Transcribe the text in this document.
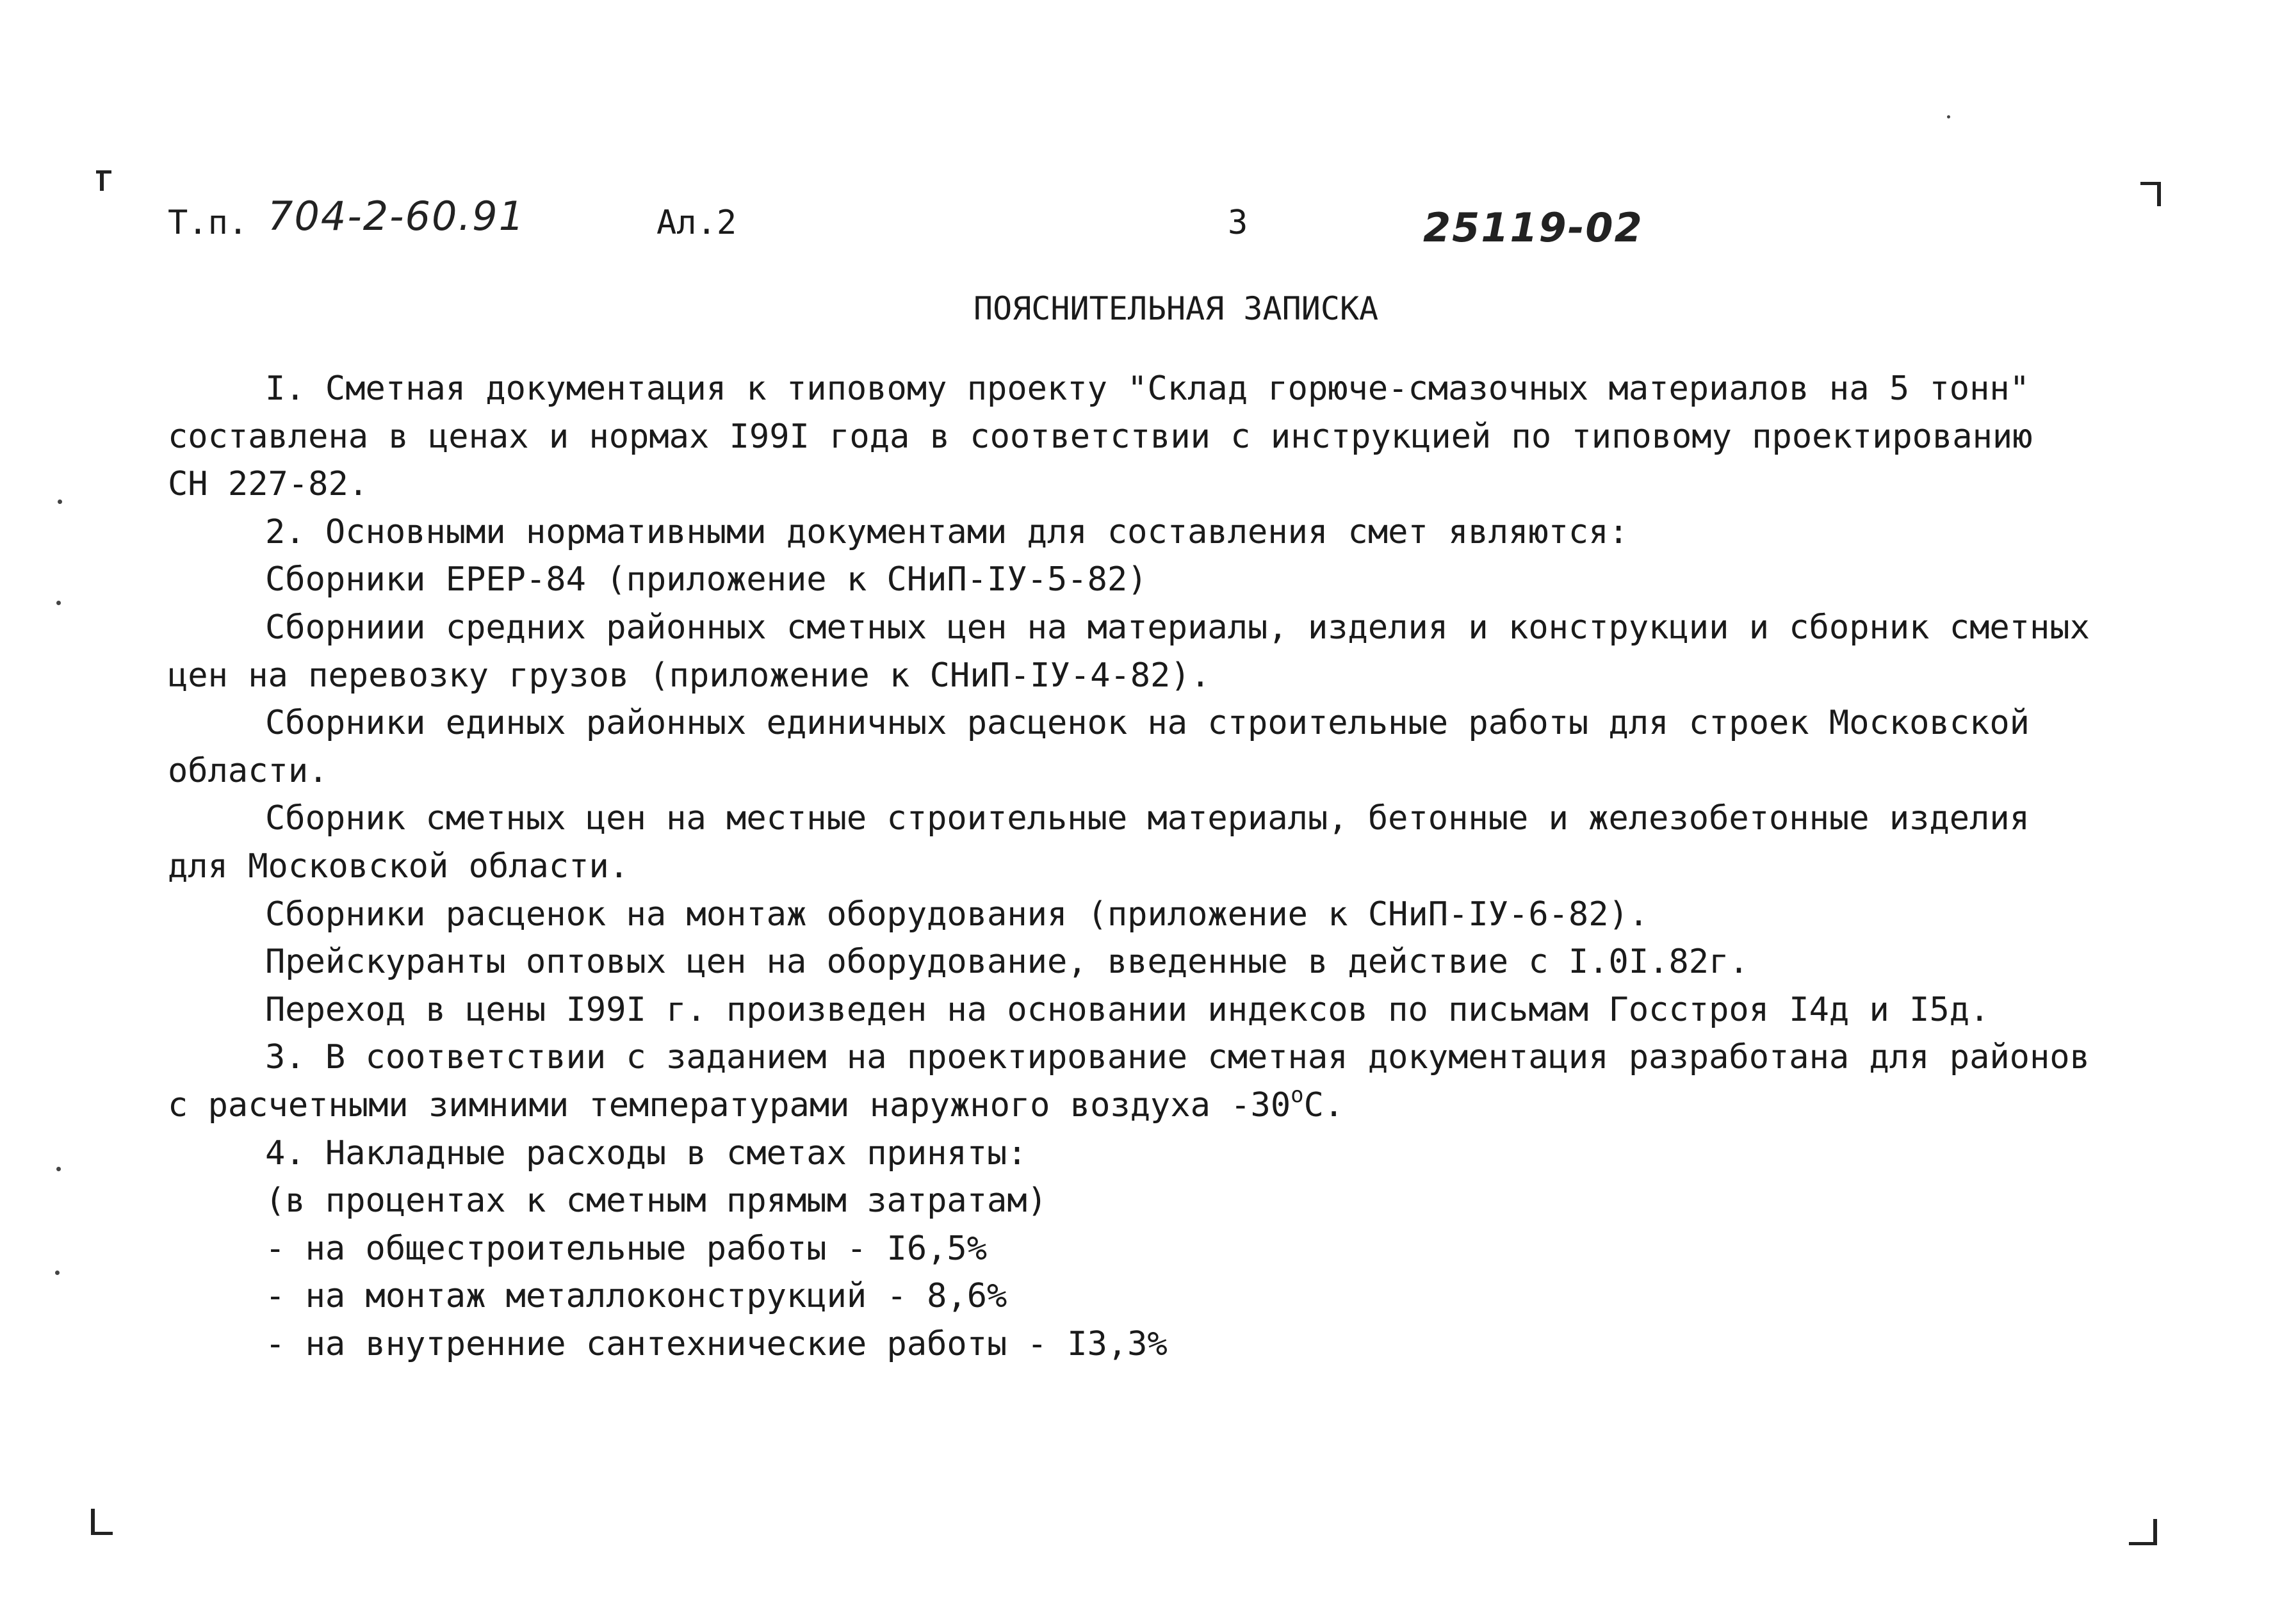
Т.п. 704-2-60.91	Ал.2	3	25119-02
ПОЯСНИТЕЛЬНАЯ ЗАПИСКА
I. Сметная документация к типовому проекту "Склад горюче-смазочных материалов на 5 тонн"
составлена в ценах и нормах I99I года в соответствии с инструкцией по типовому проектированию
СН 227-82.
2. Основными нормативными документами для составления смет являются:
Сборники ЕРЕР-84 (приложение к СНиП-IУ-5-82)
Сборниии средних районных сметных цен на материалы, изделия и конструкции и сборник сметных
цен на перевозку грузов (приложение к СНиП-IУ-4-82).
Сборники единых районных единичных расценок на строительные работы для строек Московской
области.
Сборник сметных цен на местные строительные материалы, бетонные и железобетонные изделия
для Московской области.
Сборники расценок на монтаж оборудования (приложение к СНиП-IУ-6-82).
Прейскуранты оптовых цен на оборудование, введенные в действие с I.0I.82г.
Переход в цены I99I г. произведен на основании индексов по письмам Госстроя I4д и I5д.
3. В соответствии с заданием на проектирование сметная документация разработана для районов
с расчетными зимними температурами наружного воздуха $-30^оС$.
4. Накладные расходы в сметах приняты:
(в процентах к сметным прямым затратам)
- на общестроительные работы - I6,5%
- на монтаж металлоконструкций - 8,6%
- на внутренние сантехнические работы - I3,3%
